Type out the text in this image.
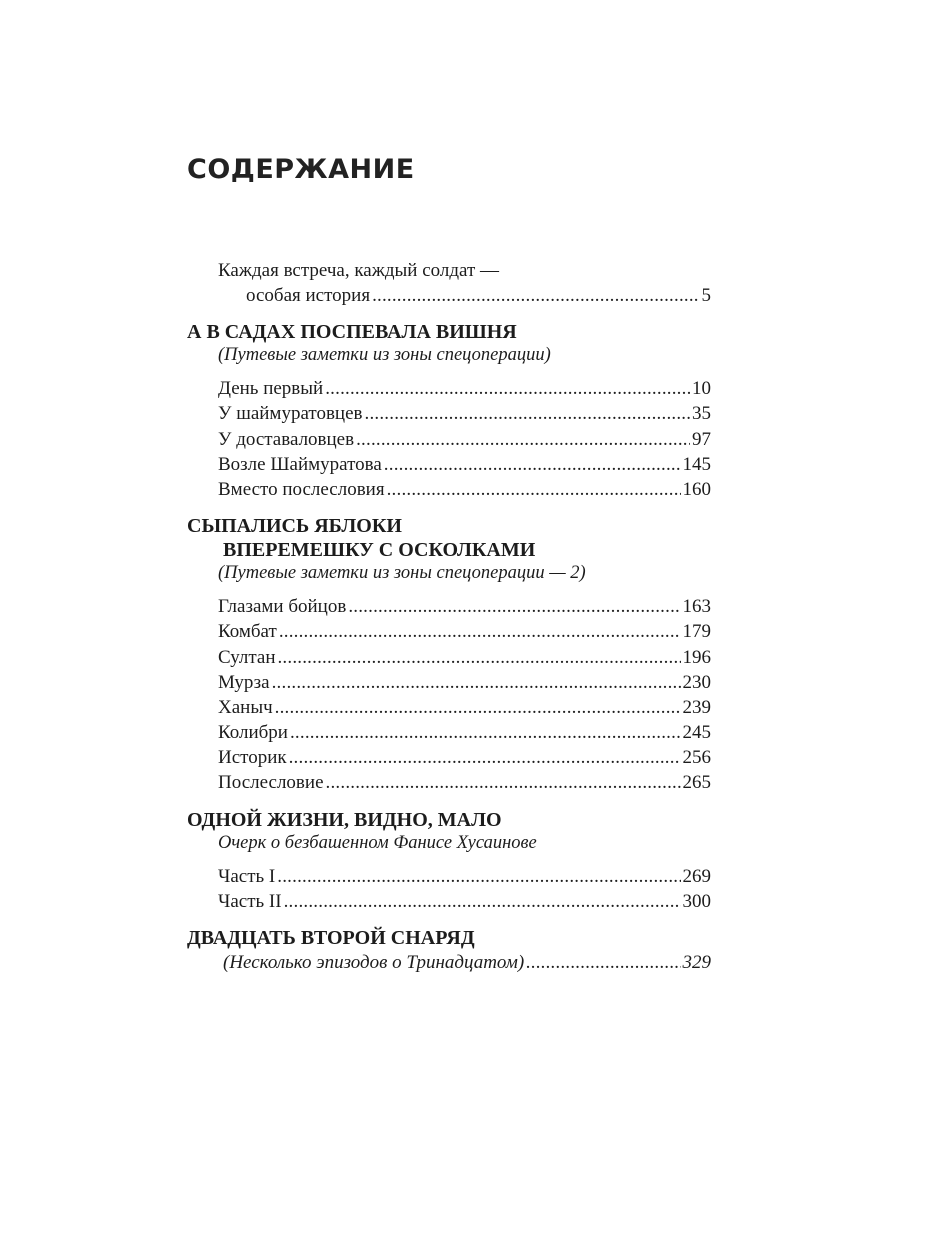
СОДЕРЖАНИЕ
Каждая встреча, каждый солдат —
особая история .....	5
А В САДАХ ПОСПЕВАЛА ВИШНЯ
(Путевые заметки из зоны спецоперации)
День первый .....	10
У шаймуратовцев .....	35
У доставаловцев .....	97
Возле Шаймуратова .....	145
Вместо послесловия .....	160
СЫПАЛИСЬ ЯБЛОКИ
ВПЕРЕМЕШКУ С ОСКОЛКАМИ
(Путевые заметки из зоны спецоперации — 2)
Глазами бойцов .....	163
Комбат .....	179
Султан .....	196
Мурза .....	230
Ханыч .....	239
Колибри .....	245
Историк .....	256
Послесловие .....	265
ОДНОЙ ЖИЗНИ, ВИДНО, МАЛО
Очерк о безбашенном Фанисе Хусаинове
Часть I .....	269
Часть II .....	300
ДВАДЦАТЬ ВТОРОЙ СНАРЯД
(Несколько эпизодов о Тринадцатом) .....	329
